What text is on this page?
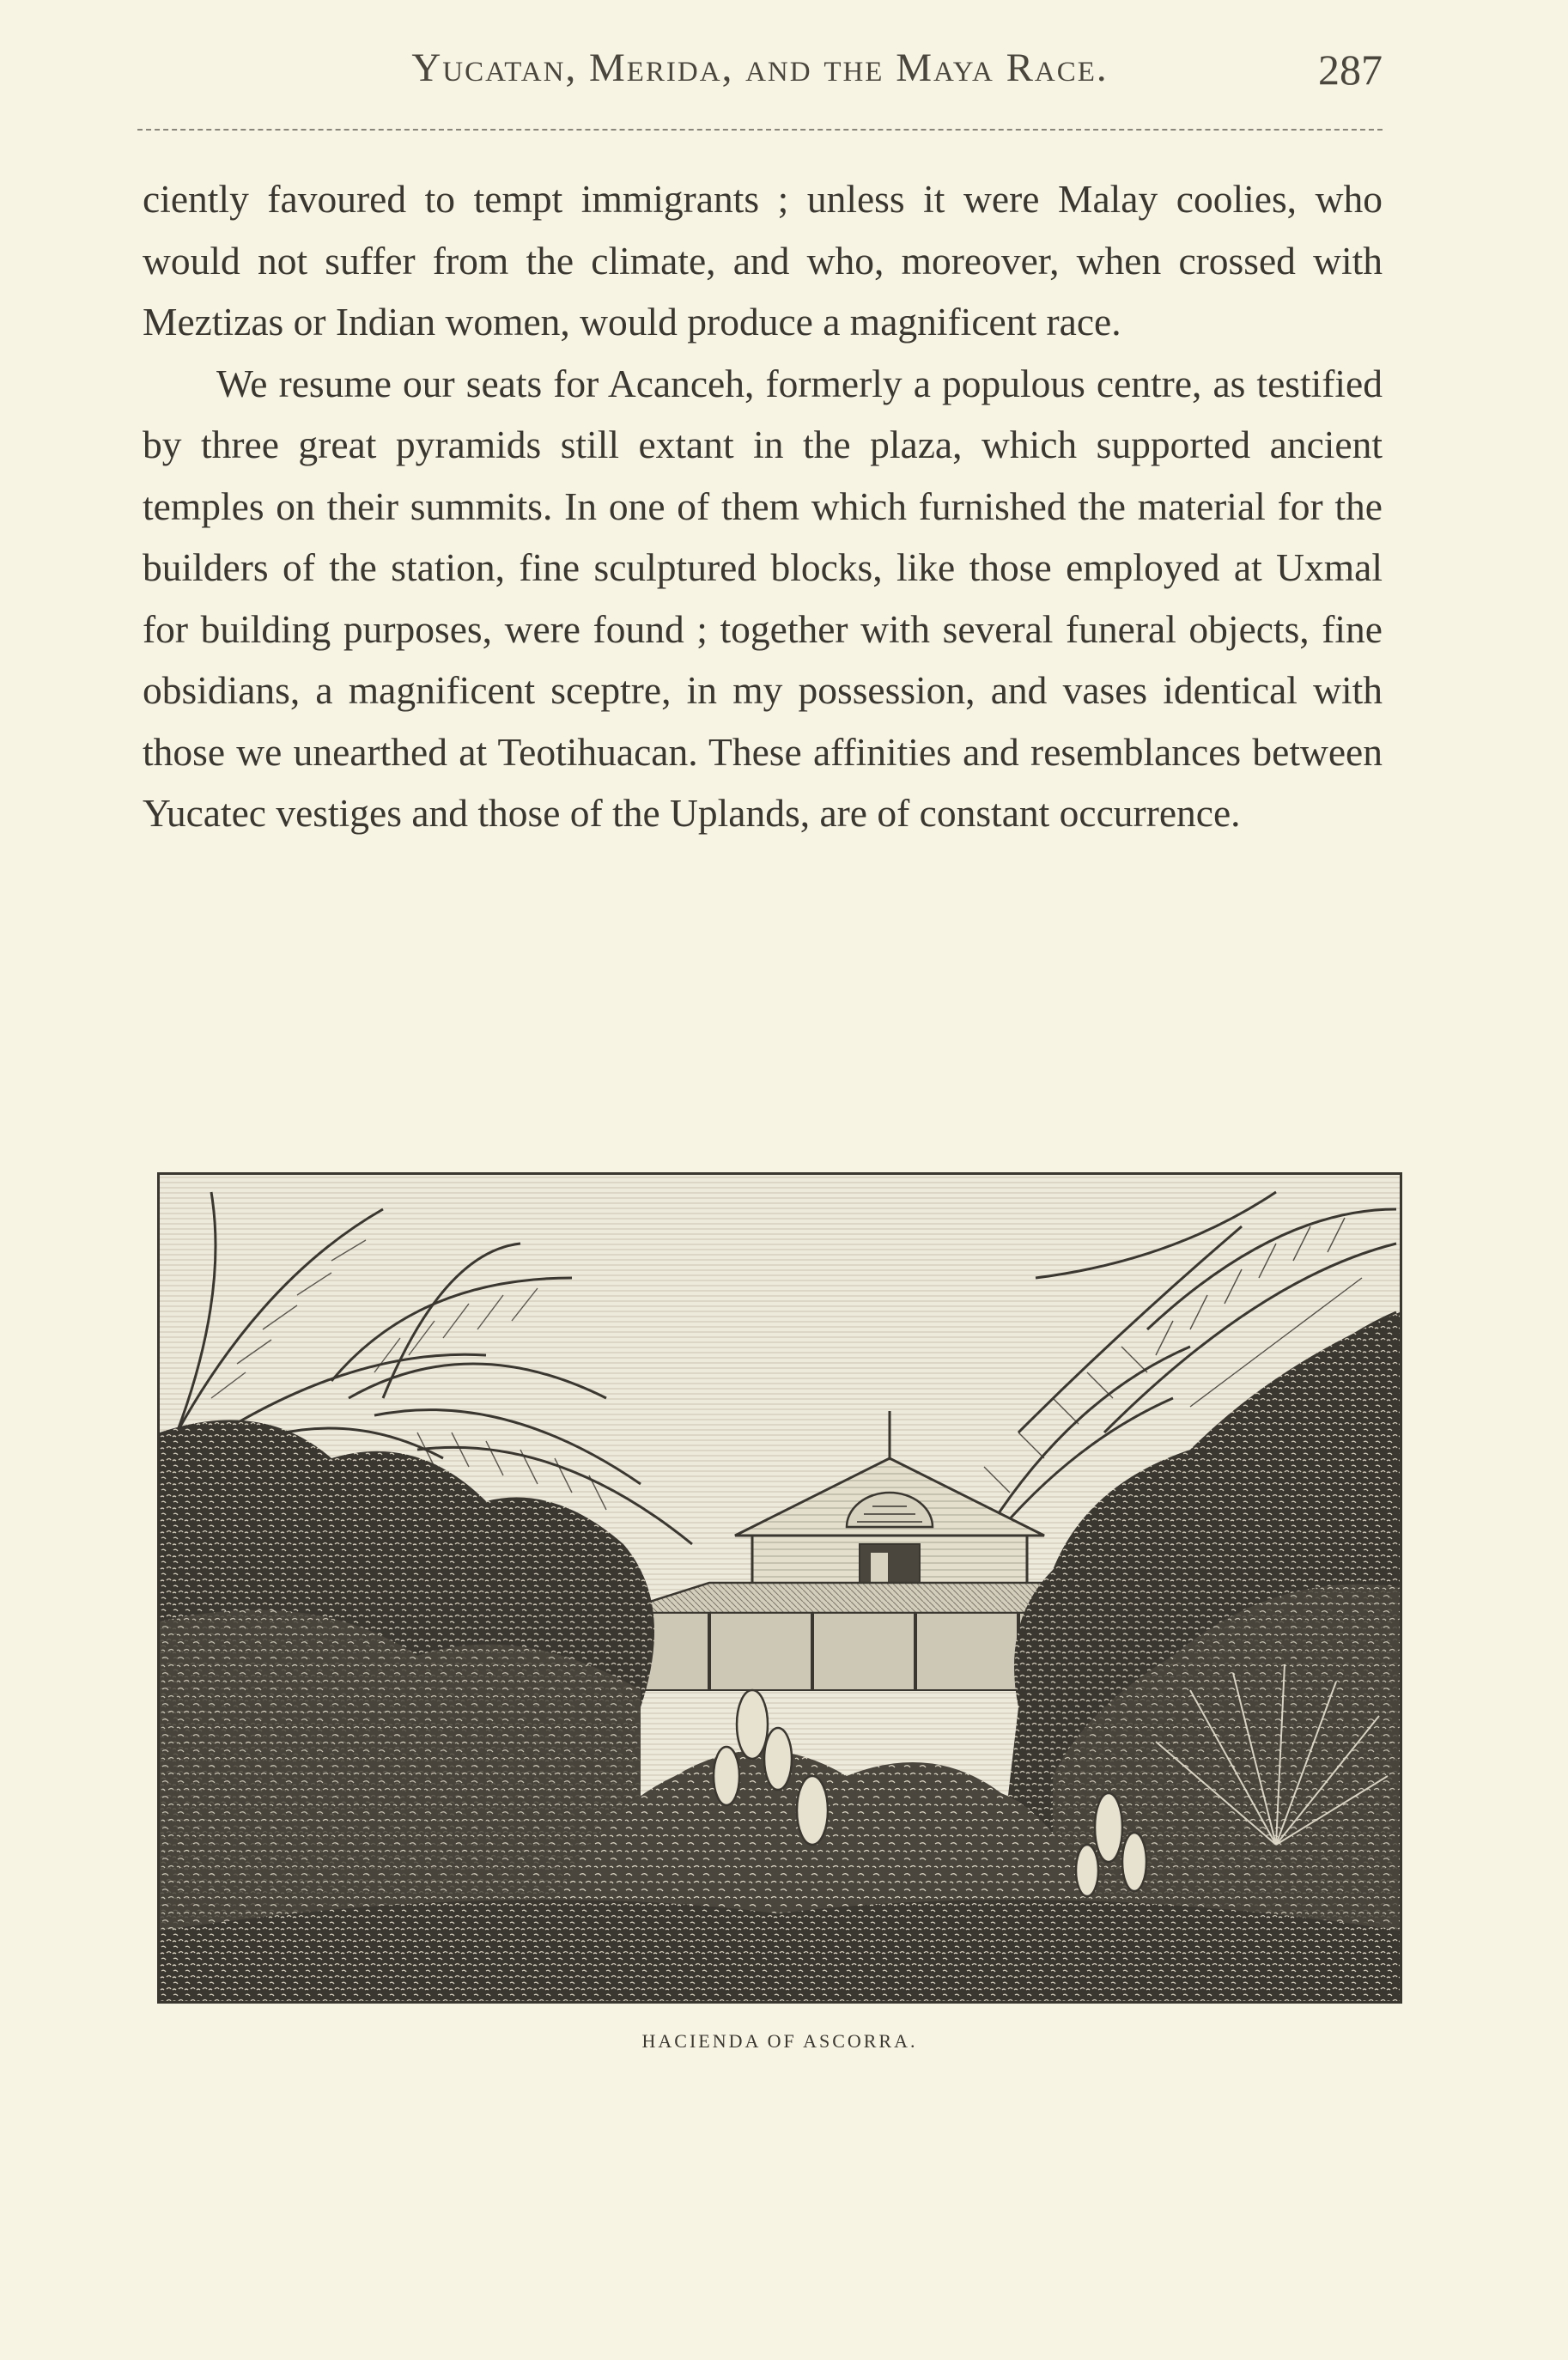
Yucatan, Merida, and the Maya Race.	287

ciently favoured to tempt immigrants ; unless it were Malay coolies, who would not suffer from the climate, and who, moreover, when crossed with Meztizas or Indian women, would produce a magnificent race.

We resume our seats for Acanceh, formerly a populous centre, as testified by three great pyramids still extant in the plaza, which supported ancient temples on their summits. In one of them which furnished the material for the builders of the station, fine sculptured blocks, like those employed at Uxmal for building purposes, were found ; together with several funeral objects, fine obsidians, a magnificent sceptre, in my possession, and vases identical with those we unearthed at Teotihuacan. These affinities and resemblances between Yucatec vestiges and those of the Uplands, are of constant occurrence.

HACIENDA OF ASCORRA.
